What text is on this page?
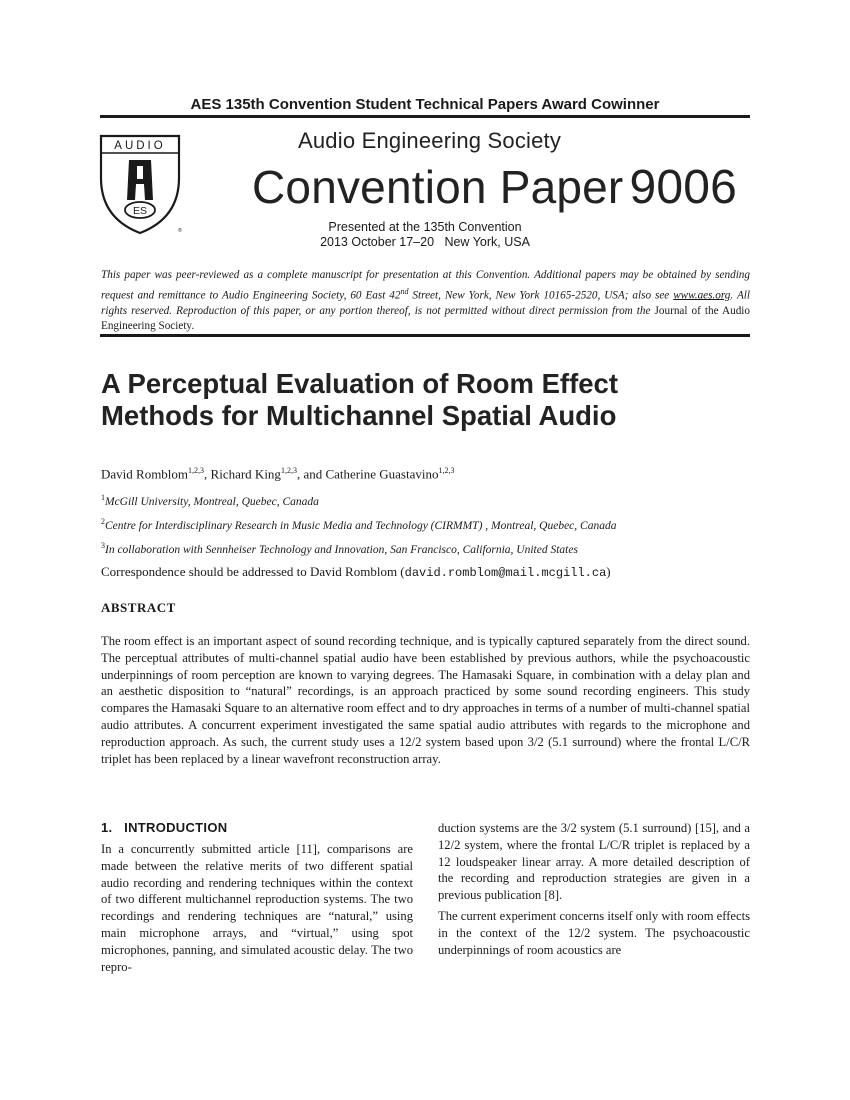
AES 135th Convention Student Technical Papers Award Cowinner
AUDIO
ES
®
Audio Engineering Society
Convention Paper 9006
Presented at the 135th Convention
2013 October 17–20   New York, USA
This paper was peer-reviewed as a complete manuscript for presentation at this Convention. Additional papers may be obtained by sending request and remittance to Audio Engineering Society, 60 East 42nd Street, New York, New York 10165-2520, USA; also see www.aes.org. All rights reserved. Reproduction of this paper, or any portion thereof, is not permitted without direct permission from the Journal of the Audio Engineering Society.
A Perceptual Evaluation of Room Effect
Methods for Multichannel Spatial Audio
David Romblom$^{1,2,3}$, Richard King$^{1,2,3}$, and Catherine Guastavino$^{1,2,3}$
$^1$McGill University, Montreal, Quebec, Canada
$^2$Centre for Interdisciplinary Research in Music Media and Technology (CIRMMT) , Montreal, Quebec, Canada
$^3$In collaboration with Sennheiser Technology and Innovation, San Francisco, California, United States
Correspondence should be addressed to David Romblom (david.romblom@mail.mcgill.ca)
ABSTRACT
The room effect is an important aspect of sound recording technique, and is typically captured separately from the direct sound. The perceptual attributes of multi-channel spatial audio have been established by previous authors, while the psychoacoustic underpinnings of room perception are known to varying degrees. The Hamasaki Square, in combination with a delay plan and an aesthetic disposition to “natural” recordings, is an approach practiced by some sound recording engineers. This study compares the Hamasaki Square to an alternative room effect and to dry approaches in terms of a number of multi-channel spatial audio attributes. A concurrent experiment investigated the same spatial audio attributes with regards to the microphone and reproduction approach. As such, the current study uses a 12/2 system based upon 3/2 (5.1 surround) where the frontal L/C/R triplet has been replaced by a linear wavefront reconstruction array.
1.   INTRODUCTION
In a concurrently submitted article [11], comparisons are made between the relative merits of two different spatial audio recording and rendering techniques within the context of two different multichannel reproduction systems. The two recordings and rendering techniques are “natural,” using main microphone arrays, and “virtual,” using spot microphones, panning, and simulated acoustic delay. The two repro-

duction systems are the 3/2 system (5.1 surround) [15], and a 12/2 system, where the frontal L/C/R triplet is replaced by a 12 loudspeaker linear array. A more detailed description of the recording and reproduction strategies are given in a previous publication [8].

The current experiment concerns itself only with room effects in the context of the 12/2 system. The psychoacoustic underpinnings of room acoustics are
